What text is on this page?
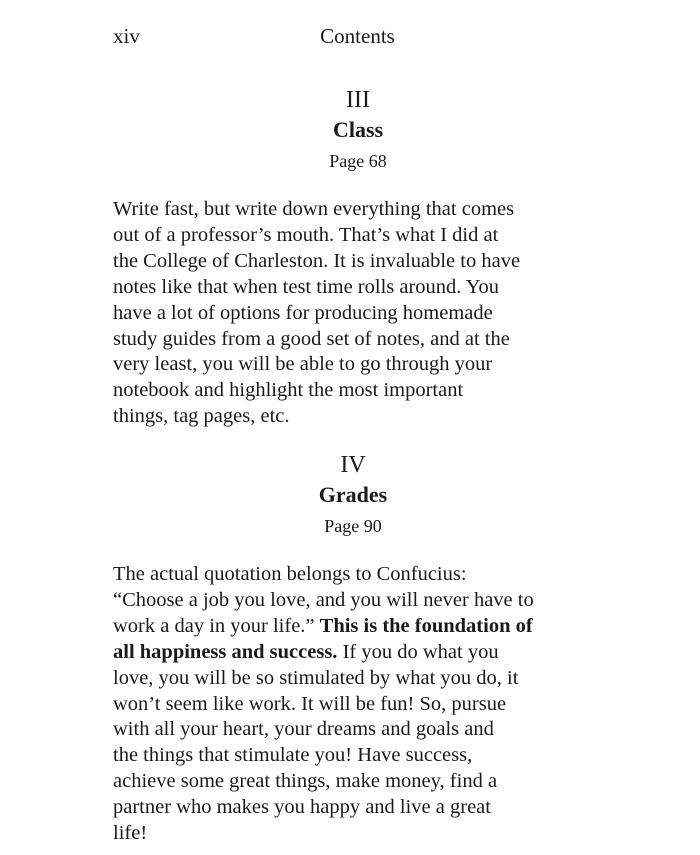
xiv	Contents
III
Class
Page 68

Write fast, but write down everything that comes
out of a professor’s mouth. That’s what I did at
the College of Charleston. It is invaluable to have
notes like that when test time rolls around. You
have a lot of options for producing homemade
study guides from a good set of notes, and at the
very least, you will be able to go through your
notebook and highlight the most important
things, tag pages, etc.

IV
Grades
Page 90

The actual quotation belongs to Confucius:
“Choose a job you love, and you will never have to
work a day in your life.” This is the foundation of
all happiness and success. If you do what you
love, you will be so stimulated by what you do, it
won’t seem like work. It will be fun! So, pursue
with all your heart, your dreams and goals and
the things that stimulate you! Have success,
achieve some great things, make money, find a
partner who makes you happy and live a great
life!
